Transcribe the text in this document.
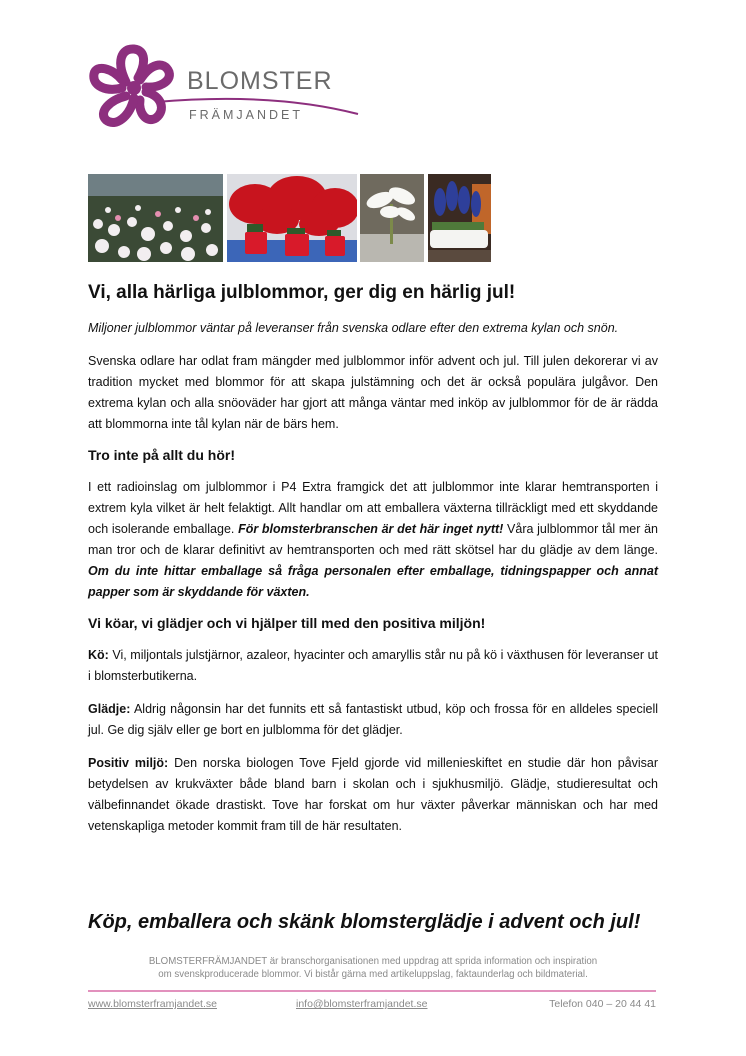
BLOMSTER
FRÄMJANDET
Vi, alla härliga julblommor, ger dig en härlig jul!

Miljoner julblommor väntar på leveranser från svenska odlare efter den extrema kylan och snön.

Svenska odlare har odlat fram mängder med julblommor inför advent och jul. Till julen dekorerar vi av tradition mycket med blommor för att skapa julstämning och det är också populära julgåvor. Den extrema kylan och alla snöoväder har gjort att många väntar med inköp av julblommor för de är rädda att blommorna inte tål kylan när de bärs hem.

Tro inte på allt du hör!

I ett radioinslag om julblommor i P4 Extra framgick det att julblommor inte klarar hemtransporten i extrem kyla vilket är helt felaktigt. Allt handlar om att emballera växterna tillräckligt med ett skyddande och isolerande emballage. För blomsterbranschen är det här inget nytt! Våra julblommor tål mer än man tror och de klarar definitivt av hemtransporten och med rätt skötsel har du glädje av dem länge. Om du inte hittar emballage så fråga personalen efter emballage, tidningspapper och annat papper som är skyddande för växten.

Vi köar, vi glädjer och vi hjälper till med den positiva miljön!

Kö: Vi, miljontals julstjärnor, azaleor, hyacinter och amaryllis står nu på kö i växthusen för leveranser ut i blomsterbutikerna.

Glädje: Aldrig någonsin har det funnits ett så fantastiskt utbud, köp och frossa för en alldeles speciell jul. Ge dig själv eller ge bort en julblomma för det glädjer.

Positiv miljö: Den norska biologen Tove Fjeld gjorde vid millenieskiftet en studie där hon påvisar betydelsen av krukväxter både bland barn i skolan och i sjukhusmiljö. Glädje, studieresultat och välbefinnandet ökade drastiskt. Tove har forskat om hur växter påverkar människan och har med vetenskapliga metoder kommit fram till de här resultaten.

Köp, emballera och skänk blomsterglädje i advent och jul!

BLOMSTERFRÄMJANDET är branschorganisationen med uppdrag att sprida information och inspiration
om svenskproducerade blommor. Vi bistår gärna med artikeluppslag, faktaunderlag och bildmaterial.

www.blomsterframjandet.se	info@blomsterframjandet.se	Telefon 040 – 20 44 41
